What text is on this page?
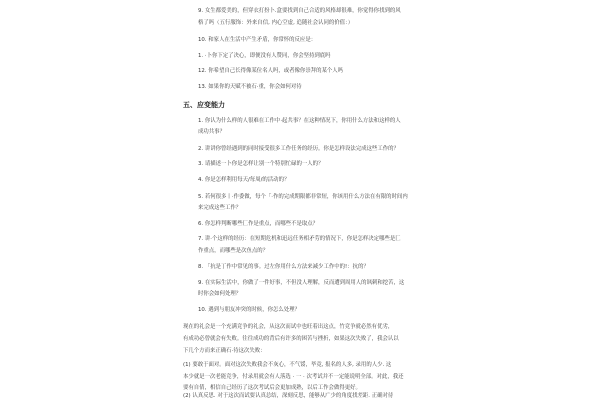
9. 女生都爱美的，但穿衣打扮卜.盒要找到自己合适的风格却很难，你觉得你找到的风
格了吗（五行服饰：外来自信, 内心空虚, 追随社会认同的价值：）
10. 和家人在生活中产生矛盾，你常怀的反应是：
1. ·卜你下定了决心，即便没有人赞同，你会坚持到底吗
12. 你希望自己长得像某位名人吗，或者像你崇拜的某个人吗
13. 如果你的天赋不被石·重，你会如何对待
五、应变能力
1. 你认为什么样的人很难在工作中·起共事？在这种情况下，你用什么方法和这样的人
成功共事？
2. 讲讲你曾经遇到的同时接受很多工作任务的经历。你是怎样设法完成这些工作的？
3. 请描述一卜你是怎样让别一个特别忙碌的一人的？
4. 你是怎样利用每天/每周/的活动的？
5. 若何很多丨·作委做，每个「·作的完成期限都非常短，你该用什么方法在有限的时间内
来完成这些工作？
6. 你怎样判断哪些匚作是重点，而哪些不是取点？
7. 讲·个这样的经历：在短期危机和迅远任务相矛劳的情况下，你是怎样决定哪些是匚
作重点，而哪些是次鱼点的？
8. 「抗是丁作中常见的事。过左你用什么方法来减少工作中的!：抗的？
9. 在实际生活中，你做了一件好事，不但没人理解，反而遭到周用人的讽刺和挖苦，这
时你会如何处理？
10. 遇到与朋友冲突的时候，你怎么处理？
现在的礼会是一个充满竞争的礼会，从这次而试中也旺着出这点，竹竞争就必然有优劣，
有成功必曾就会有失败。往往成功的背后有许多的困苦与挫折，如果这次失败了，我会认以
下几个方而来正确石·待这次失败：
(1) 要敢于面对。面对这次失败我会不灰心，不气馁，毕竟, 报名的人多, 录用的人少. 这
本少就是一次老能竞争，付录用就会有人落选 · 一 · 次考试并不一定能说明全部。对此，我还
要有自倩，相信自己经历了这次考试后会更加成熟，以后工作会做得更好。
(2) 认真反思. 对于这次而试要认真总结，深刻反思，能够从广少的角度找差距. 正确对待
